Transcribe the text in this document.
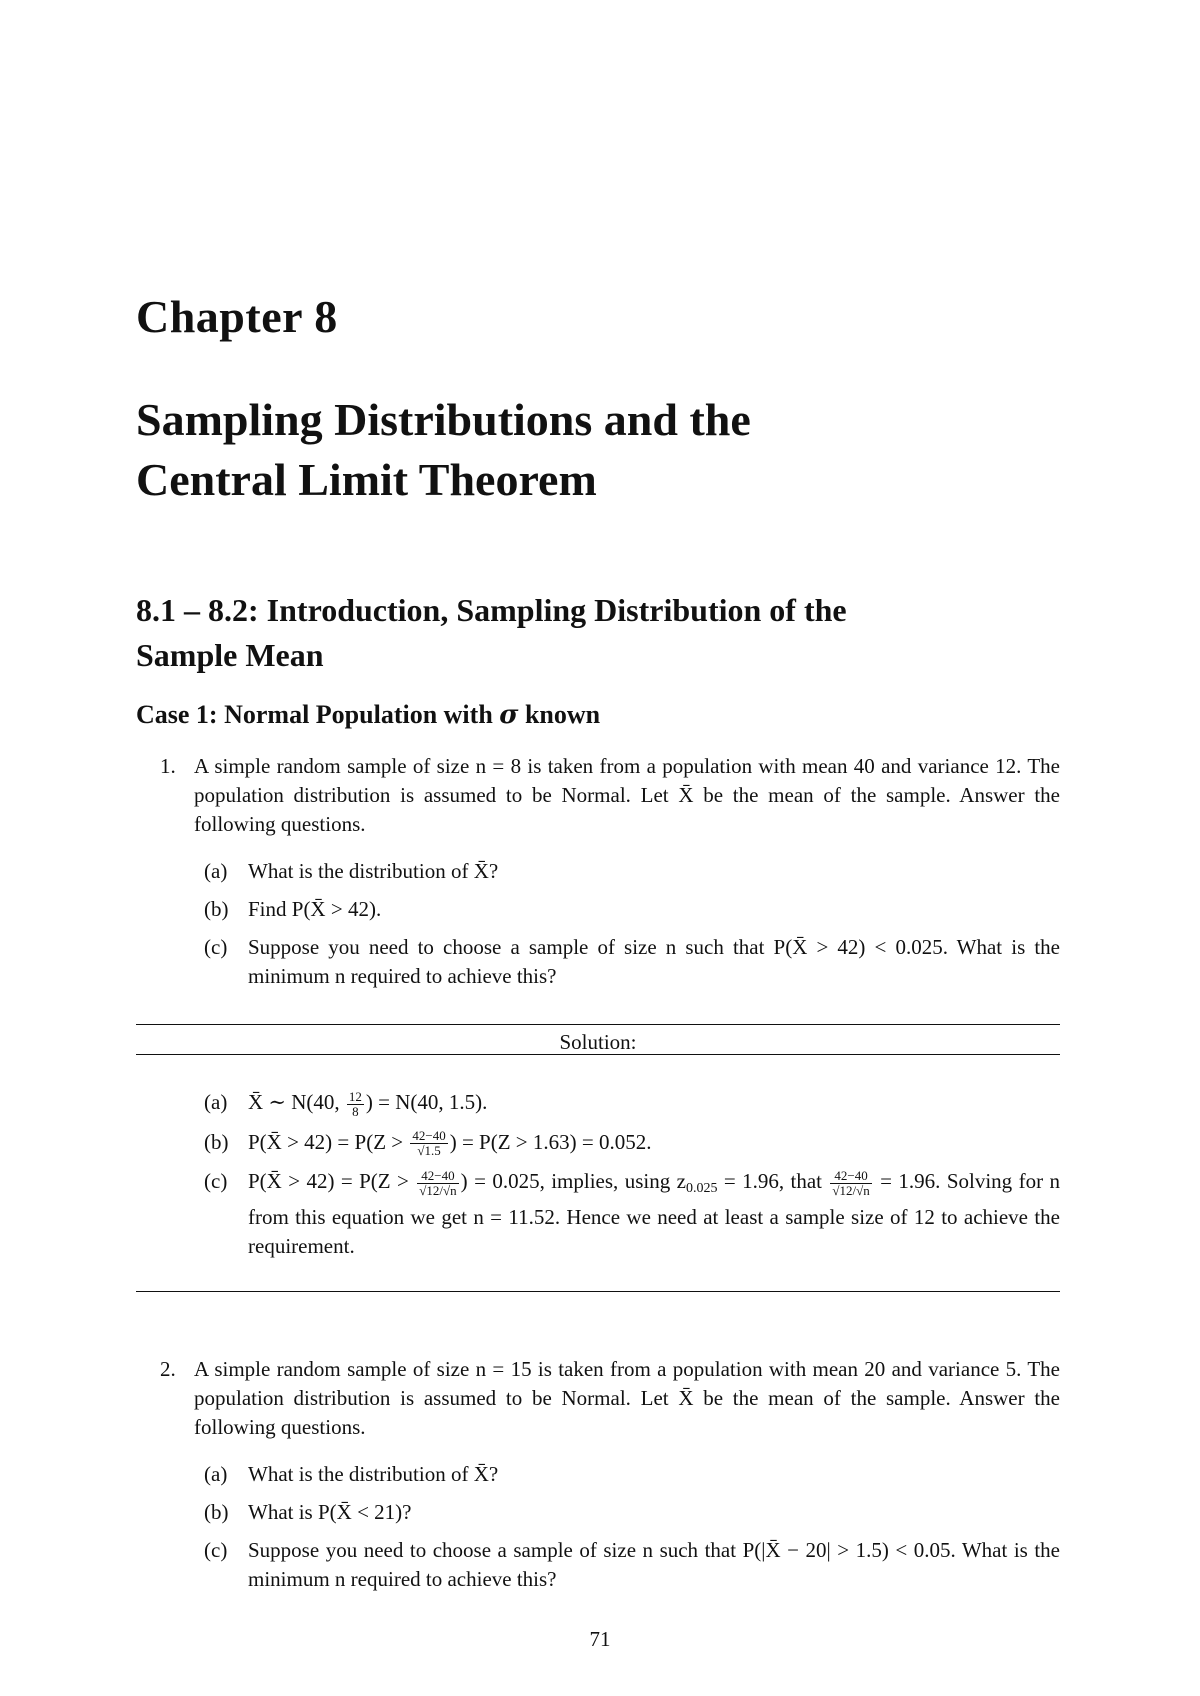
Chapter 8
Sampling Distributions and the
Central Limit Theorem
8.1 – 8.2: Introduction, Sampling Distribution of the
Sample Mean
Case 1: Normal Population with σ known
1. A simple random sample of size n = 8 is taken from a population with mean 40 and variance 12. The population distribution is assumed to be Normal. Let X̄ be the mean of the sample. Answer the following questions.
(a) What is the distribution of X̄?
(b) Find P(X̄ > 42).
(c) Suppose you need to choose a sample of size n such that P(X̄ > 42) < 0.025. What is the minimum n required to achieve this?
Solution:
(a) X̄ ∼ N(40, $\frac{12}{8}$ ) = N(40, 1.5).
(b) P(X̄ > $42) = P(Z > \frac{42-40}{√1.5}$ ) = P(Z > 1.63) = 0.052.
(c) P(X̄ > $42) = P(Z > \frac{42-40}{√12/√n}$ ) = 0.025, implies, using $z_{0.025} = 1.96$, that $\frac{42-40}{√12/√n} = 1.96$. Solving for n from this equation we get n = 11.52. Hence we need at least a sample size of 12 to achieve the requirement.
2. A simple random sample of size n = 15 is taken from a population with mean 20 and variance 5. The population distribution is assumed to be Normal. Let X̄ be the mean of the sample. Answer the following questions.
(a) What is the distribution of X̄?
(b) What is P(X̄ < 21)?
(c) Suppose you need to choose a sample of size n such that P(|X̄ − 20| > 1.5) < 0.05. What is the minimum n required to achieve this?
71
